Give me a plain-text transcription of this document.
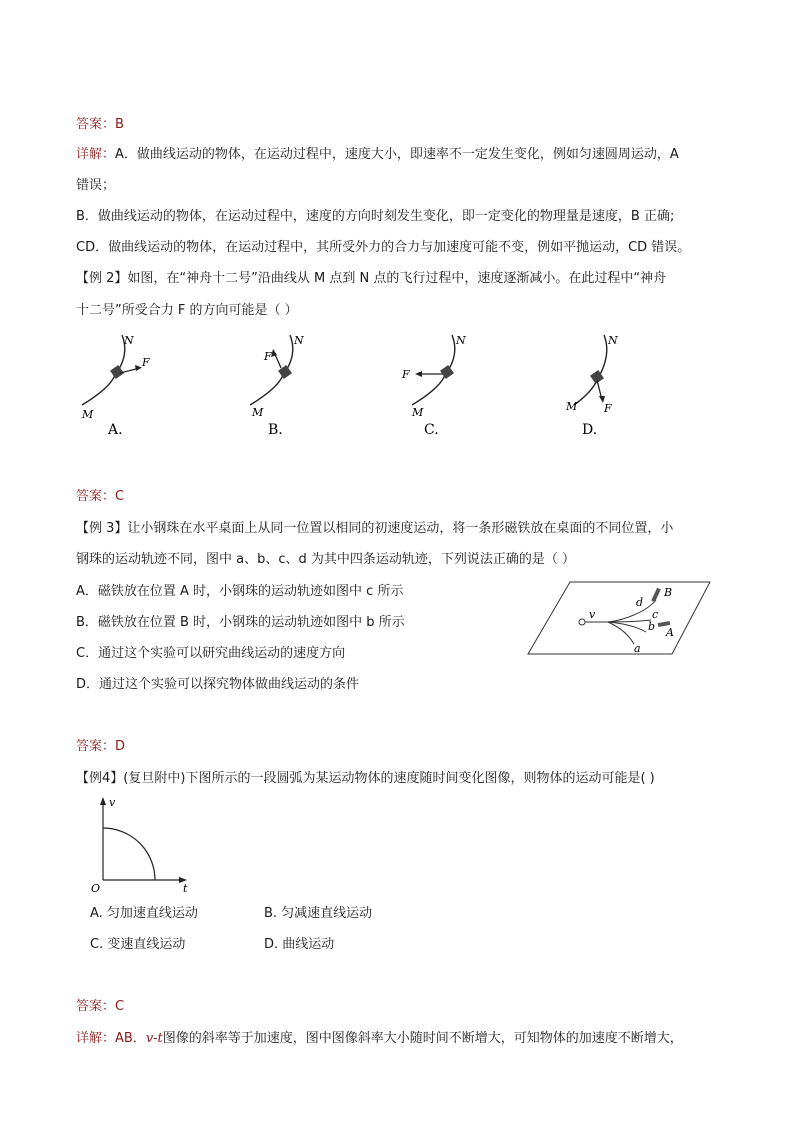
答案：B
详解：A．做曲线运动的物体，在运动过程中，速度大小，即速率不一定发生变化，例如匀速圆周运动，A
错误；
B．做曲线运动的物体，在运动过程中，速度的方向时刻发生变化，即一定变化的物理量是速度，B 正确;
CD．做曲线运动的物体，在运动过程中，其所受外力的合力与加速度可能不变，例如平抛运动，CD 错误。
【例 2】如图，在“神舟十二号”沿曲线从 M 点到 N 点的飞行过程中，速度逐渐减小。在此过程中“神舟
十二号”所受合力 F 的方向可能是（ ）
N
F
M
A.
N
F
M
B.
N
F
M
C.
N
F
M
D.
答案：C
【例 3】让小钢珠在水平桌面上从同一位置以相同的初速度运动，将一条形磁铁放在桌面的不同位置，小
钢珠的运动轨迹不同，图中 a、b、c、d 为其中四条运动轨迹，下列说法正确的是（ ）
A．磁铁放在位置 A 时，小钢珠的运动轨迹如图中 c 所示
B．磁铁放在位置 B 时，小钢珠的运动轨迹如图中 b 所示
C．通过这个实验可以研究曲线运动的速度方向
D．通过这个实验可以探究物体做曲线运动的条件
v
d
c
b
a
B
A
答案：D
【例4】(复旦附中)下图所示的一段圆弧为某运动物体的速度随时间变化图像，则物体的运动可能是( )
v
t
O
A. 匀加速直线运动	B. 匀减速直线运动
C. 变速直线运动	D. 曲线运动
答案：C
详解：AB．v-t图像的斜率等于加速度，图中图像斜率大小随时间不断增大，可知物体的加速度不断增大，
